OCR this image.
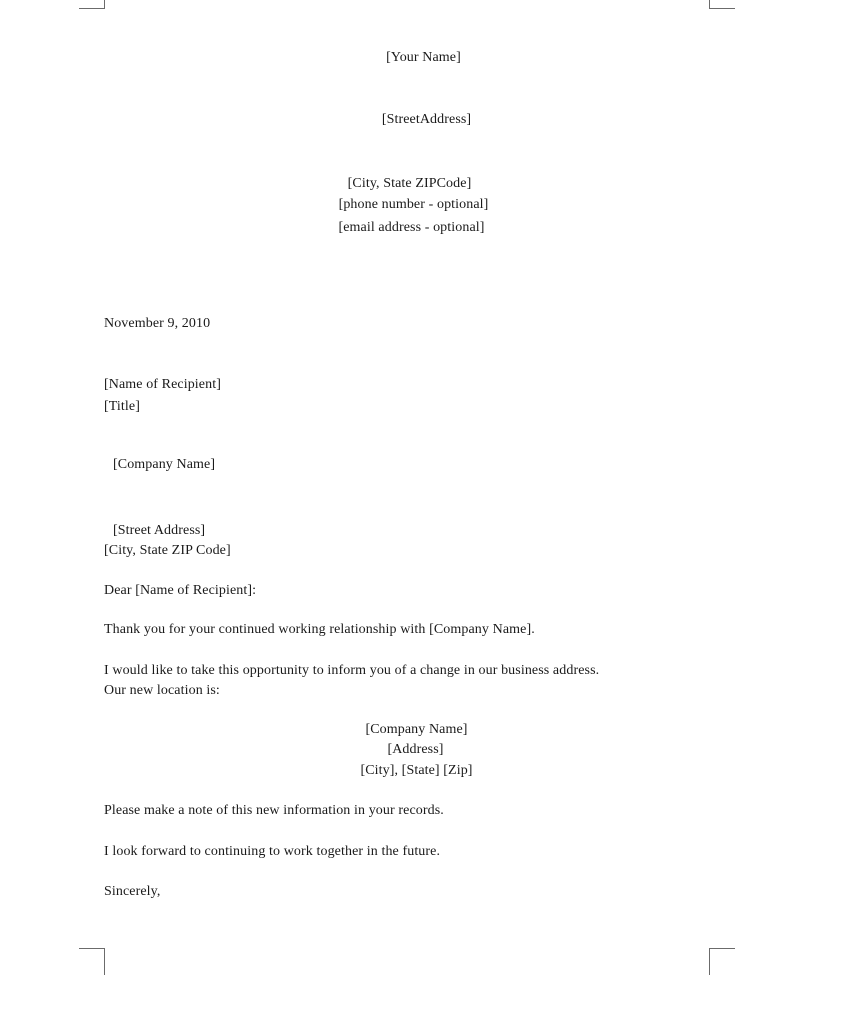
[Your Name]
[StreetAddress]
[City, State ZIPCode]
[phone number - optional]
[email address - optional]
November 9, 2010
[Name of Recipient]
[Title]
[Company Name]
[Street Address]
[City, State ZIP Code]
Dear [Name of Recipient]:
Thank you for your continued working relationship with [Company Name].
I would like to take this opportunity to inform you of a change in our business address.
Our new location is:
[Company Name]
[Address]
[City], [State] [Zip]
Please make a note of this new information in your records.
I look forward to continuing to work together in the future.
Sincerely,
